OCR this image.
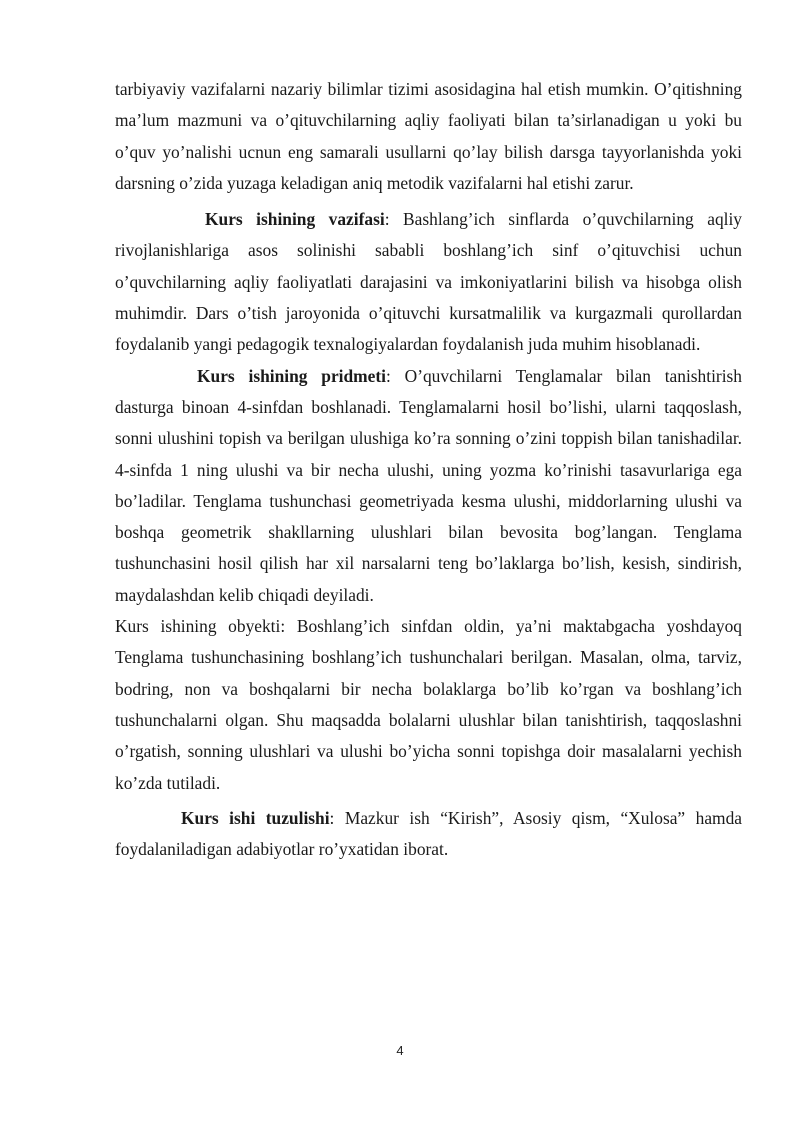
tarbiyaviy vazifalarni nazariy bilimlar tizimi asosidagina hal etish mumkin. O’qitishning ma’lum mazmuni va o’qituvchilarning aqliy faoliyati bilan ta’sirlanadigan u yoki bu o’quv yo’nalishi ucnun eng samarali usullarni qo’lay bilish darsga tayyorlanishda yoki darsning o’zida yuzaga keladigan aniq metodik vazifalarni hal etishi zarur.

Kurs ishining vazifasi: Bashlang’ich sinflarda o’quvchilarning aqliy rivojlanishlariga asos solinishi sababli boshlang’ich sinf o’qituvchisi uchun o’quvchilarning aqliy faoliyatlati darajasini va imkoniyatlarini bilish va hisobga olish muhimdir. Dars o’tish jaroyonida o’qituvchi kursatmalilik va kurgazmali qurollardan foydalanib yangi pedagogik texnalogiyalardan foydalanish juda muhim hisoblanadi.

Kurs ishining pridmeti: O’quvchilarni Tenglamalar bilan tanishtirish dasturga binoan 4-sinfdan boshlanadi. Tenglamalarni hosil bo’lishi, ularni taqqoslash, sonni ulushini topish va berilgan ulushiga ko’ra sonning o’zini toppish bilan tanishadilar. 4-sinfda 1 ning ulushi va bir necha ulushi, uning yozma ko’rinishi tasavurlariga ega bo’ladilar. Tenglama tushunchasi geometriyada kesma ulushi, middorlarning ulushi va boshqa geometrik shakllarning ulushlari bilan bevosita bog’langan. Tenglama tushunchasini hosil qilish har xil narsalarni teng bo’laklarga bo’lish, kesish, sindirish, maydalashdan kelib chiqadi deyiladi.

Kurs ishining obyekti: Boshlang’ich sinfdan oldin, ya’ni maktabgacha yoshdayoq Tenglama tushunchasining boshlang’ich tushunchalari berilgan. Masalan, olma, tarviz, bodring, non va boshqalarni bir necha bolaklarga bo’lib ko’rgan va boshlang’ich tushunchalarni olgan. Shu maqsadda bolalarni ulushlar bilan tanishtirish, taqqoslashni o’rgatish, sonning ulushlari va ulushi bo’yicha sonni topishga doir masalalarni yechish ko’zda tutiladi.

Kurs ishi tuzulishi: Mazkur ish “Kirish”, Asosiy qism, “Xulosa” hamda foydalaniladigan adabiyotlar ro’yxatidan iborat.

4
